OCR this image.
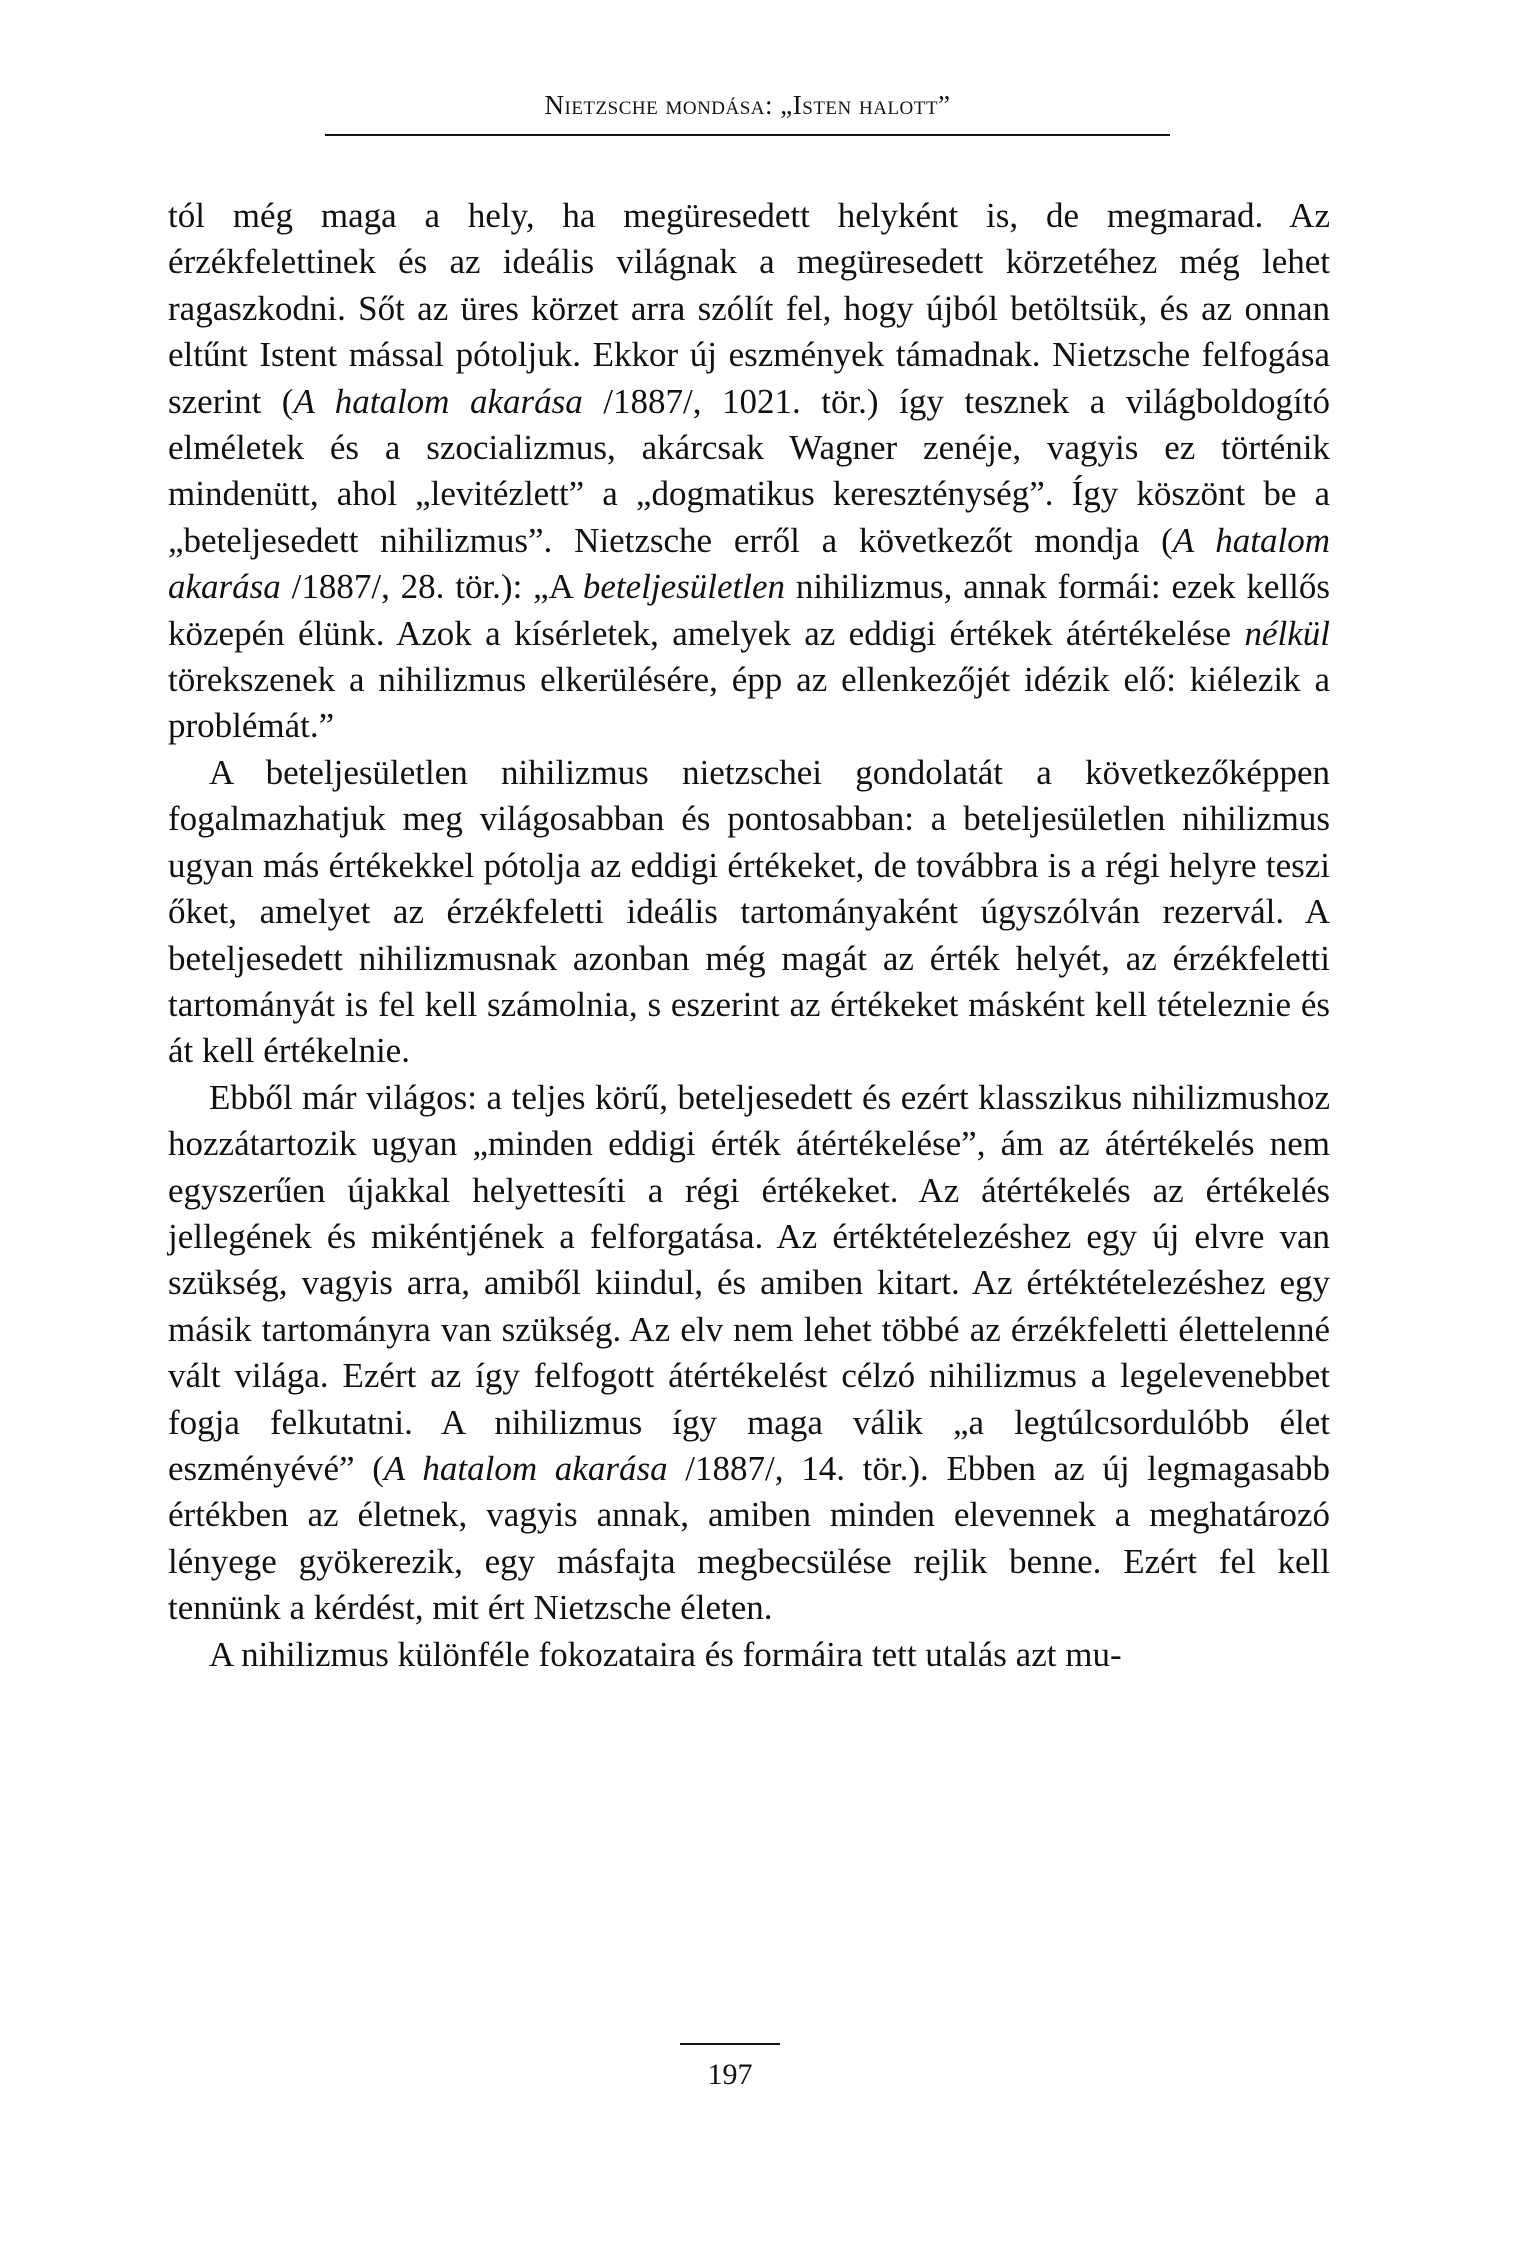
Nietzsche mondása: „Isten halott”

tól még maga a hely, ha megüresedett helyként is, de megmarad. Az érzékfelettinek és az ideális világnak a megüresedett körzetéhez még lehet ragaszkodni. Sőt az üres körzet arra szólít fel, hogy újból betöltsük, és az onnan eltűnt Istent mással pótoljuk. Ekkor új eszmények támadnak. Nietzsche felfogása szerint (A hatalom akarása /1887/, 1021. tör.) így tesznek a világboldogító elméletek és a szocializmus, akárcsak Wagner zenéje, vagyis ez történik mindenütt, ahol „levitézlett” a „dogmatikus kereszténység”. Így köszönt be a „beteljesedett nihilizmus”. Nietzsche erről a következőt mondja (A hatalom akarása /1887/, 28. tör.): „A beteljesületlen nihilizmus, annak formái: ezek kellős közepén élünk. Azok a kísérletek, amelyek az eddigi értékek átértékelése nélkül törekszenek a nihilizmus elkerülésére, épp az ellenkezőjét idézik elő: kiélezik a problémát.”

A beteljesületlen nihilizmus nietzschei gondolatát a következőképpen fogalmazhatjuk meg világosabban és pontosabban: a beteljesületlen nihilizmus ugyan más értékekkel pótolja az eddigi értékeket, de továbbra is a régi helyre teszi őket, amelyet az érzékfeletti ideális tartományaként úgyszólván rezervál. A beteljesedett nihilizmusnak azonban még magát az érték helyét, az érzékfeletti tartományát is fel kell számolnia, s eszerint az értékeket másként kell tételeznie és át kell értékelnie.

Ebből már világos: a teljes körű, beteljesedett és ezért klasszikus nihilizmushoz hozzátartozik ugyan „minden eddigi érték átértékelése”, ám az átértékelés nem egyszerűen újakkal helyettesíti a régi értékeket. Az átértékelés az értékelés jellegének és mikéntjének a felforgatása. Az értéktételezéshez egy új elvre van szükség, vagyis arra, amiből kiindul, és amiben kitart. Az értéktételezéshez egy másik tartományra van szükség. Az elv nem lehet többé az érzékfeletti élettelenné vált világa. Ezért az így felfogott átértékelést célzó nihilizmus a legelevenebbet fogja felkutatni. A nihilizmus így maga válik „a legtúlcsordulóbb élet eszményévé” (A hatalom akarása /1887/, 14. tör.). Ebben az új legmagasabb értékben az életnek, vagyis annak, amiben minden elevennek a meghatározó lényege gyökerezik, egy másfajta megbecsülése rejlik benne. Ezért fel kell tennünk a kérdést, mit ért Nietzsche életen.

A nihilizmus különféle fokozataira és formáira tett utalás azt mu-

197
